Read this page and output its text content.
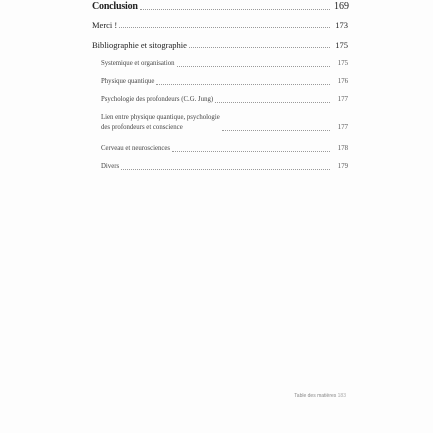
Conclusion	169
Merci !	173
Bibliographie et sitographie	175
Systemique et organisation	175
Physique quantique	176
Psychologie des profondeurs (C.G. Jung)	177
Lien entre physique quantique, psychologie
des profondeurs et conscience	177
Cerveau et neurosciences	178
Divers	179
Table des matières 183
